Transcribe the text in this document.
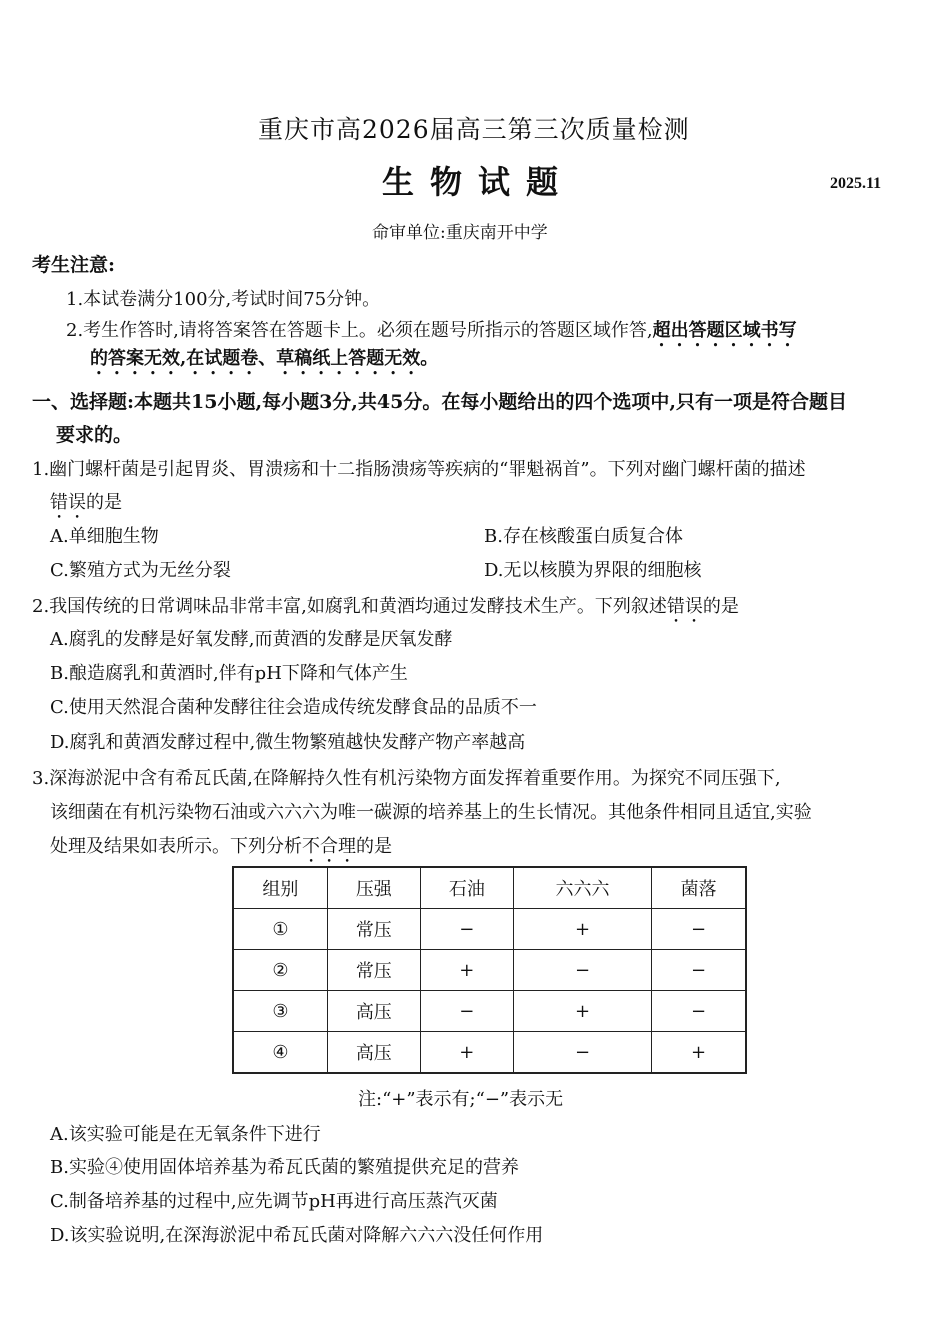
重庆市高2026届高三第三次质量检测
生物试题	2025.11
命审单位:重庆南开中学
考生注意:
1.本试卷满分100分,考试时间75分钟。
2.考生作答时,请将答案答在答题卡上。必须在题号所指示的答题区域作答,超出答题区域书写
的答案无效,在试题卷、草稿纸上答题无效。
一、选择题:本题共15小题,每小题3分,共45分。在每小题给出的四个选项中,只有一项是符合题目
要求的。
1.幽门螺杆菌是引起胃炎、胃溃疡和十二指肠溃疡等疾病的“罪魁祸首”。下列对幽门螺杆菌的描述
错误的是
A.单细胞生物	B.存在核酸蛋白质复合体
C.繁殖方式为无丝分裂	D.无以核膜为界限的细胞核
2.我国传统的日常调味品非常丰富,如腐乳和黄酒均通过发酵技术生产。下列叙述错误的是
A.腐乳的发酵是好氧发酵,而黄酒的发酵是厌氧发酵
B.酿造腐乳和黄酒时,伴有pH下降和气体产生
C.使用天然混合菌种发酵往往会造成传统发酵食品的品质不一
D.腐乳和黄酒发酵过程中,微生物繁殖越快发酵产物产率越高
3.深海淤泥中含有希瓦氏菌,在降解持久性有机污染物方面发挥着重要作用。为探究不同压强下,
该细菌在有机污染物石油或六六六为唯一碳源的培养基上的生长情况。其他条件相同且适宜,实验
处理及结果如表所示。下列分析不合理的是
组别	压强	石油	六六六	菌落
①	常压	−	+	−
②	常压	+	−	−
③	高压	−	+	−
④	高压	+	−	+
注:“+”表示有;“−”表示无
A.该实验可能是在无氧条件下进行
B.实验④使用固体培养基为希瓦氏菌的繁殖提供充足的营养
C.制备培养基的过程中,应先调节pH再进行高压蒸汽灭菌
D.该实验说明,在深海淤泥中希瓦氏菌对降解六六六没任何作用
